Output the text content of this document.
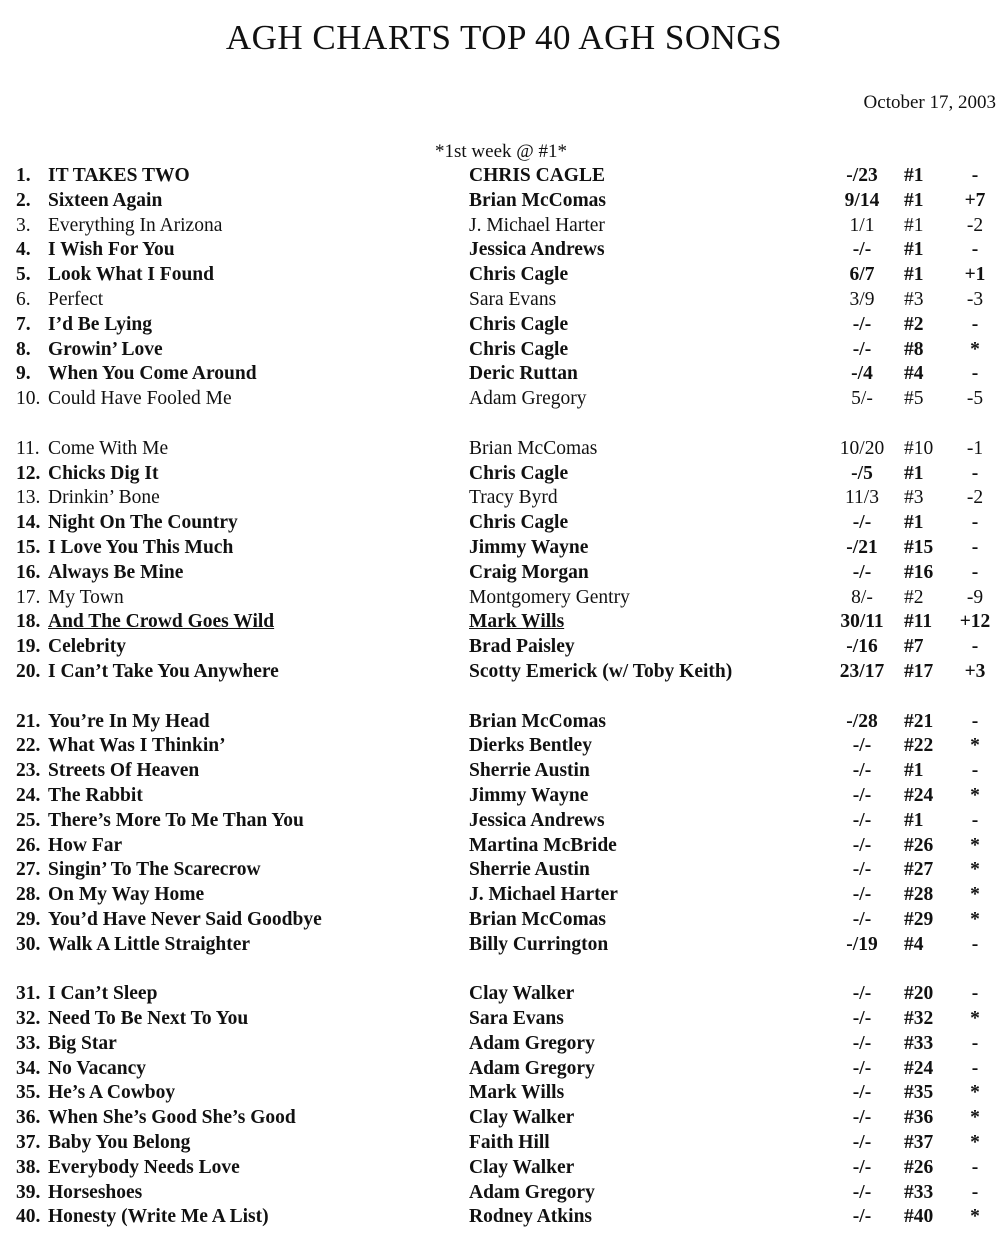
AGH CHARTS TOP 40 AGH SONGS
October 17, 2003
*1st week @ #1*
1. IT TAKES TWO	CHRIS CAGLE	-/23	#1	-
2. Sixteen Again	Brian McComas	9/14	#1	+7
3. Everything In Arizona	J. Michael Harter	1/1	#1	-2
4. I Wish For You	Jessica Andrews	-/-	#1	-
5. Look What I Found	Chris Cagle	6/7	#1	+1
6. Perfect	Sara Evans	3/9	#3	-3
7. I’d Be Lying	Chris Cagle	-/-	#2	-
8. Growin’ Love	Chris Cagle	-/-	#8	*
9. When You Come Around	Deric Ruttan	-/4	#4	-
10. Could Have Fooled Me	Adam Gregory	5/-	#5	-5
11. Come With Me	Brian McComas	10/20	#10	-1
12. Chicks Dig It	Chris Cagle	-/5	#1	-
13. Drinkin’ Bone	Tracy Byrd	11/3	#3	-2
14. Night On The Country	Chris Cagle	-/-	#1	-
15. I Love You This Much	Jimmy Wayne	-/21	#15	-
16. Always Be Mine	Craig Morgan	-/-	#16	-
17. My Town	Montgomery Gentry	8/-	#2	-9
18. And The Crowd Goes Wild	Mark Wills	30/11	#11	+12
19. Celebrity	Brad Paisley	-/16	#7	-
20. I Can’t Take You Anywhere	Scotty Emerick (w/ Toby Keith)	23/17	#17	+3
21. You’re In My Head	Brian McComas	-/28	#21	-
22. What Was I Thinkin’	Dierks Bentley	-/-	#22	*
23. Streets Of Heaven	Sherrie Austin	-/-	#1	-
24. The Rabbit	Jimmy Wayne	-/-	#24	*
25. There’s More To Me Than You	Jessica Andrews	-/-	#1	-
26. How Far	Martina McBride	-/-	#26	*
27. Singin’ To The Scarecrow	Sherrie Austin	-/-	#27	*
28. On My Way Home	J. Michael Harter	-/-	#28	*
29. You’d Have Never Said Goodbye	Brian McComas	-/-	#29	*
30. Walk A Little Straighter	Billy Currington	-/19	#4	-
31. I Can’t Sleep	Clay Walker	-/-	#20	-
32. Need To Be Next To You	Sara Evans	-/-	#32	*
33. Big Star	Adam Gregory	-/-	#33	-
34. No Vacancy	Adam Gregory	-/-	#24	-
35. He’s A Cowboy	Mark Wills	-/-	#35	*
36. When She’s Good She’s Good	Clay Walker	-/-	#36	*
37. Baby You Belong	Faith Hill	-/-	#37	*
38. Everybody Needs Love	Clay Walker	-/-	#26	-
39. Horseshoes	Adam Gregory	-/-	#33	-
40. Honesty (Write Me A List)	Rodney Atkins	-/-	#40	*
